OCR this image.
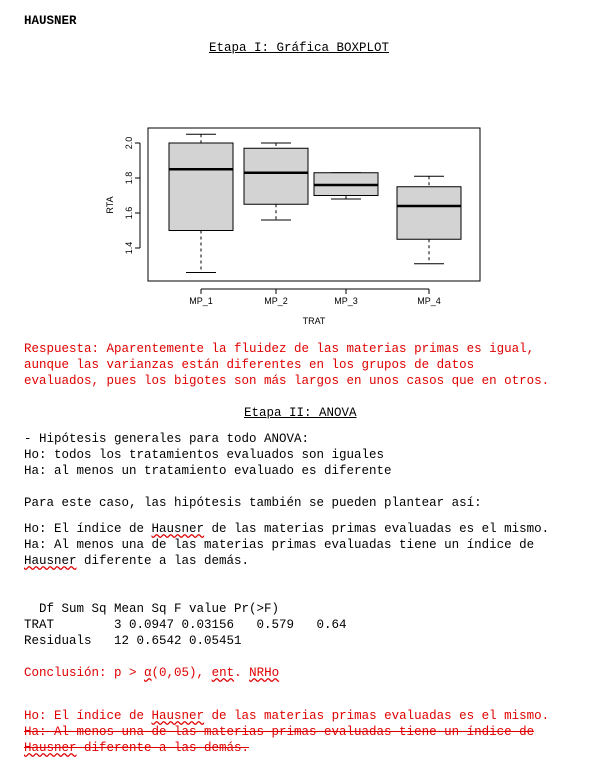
HAUSNER
Etapa I: Gráfica BOXPLOT
1.4
1.6
1.8
2.0
MP_1	MP_2	MP_3	MP_4
RTA
TRAT
Respuesta: Aparentemente la fluidez de las materias primas es igual,
aunque las varianzas están diferentes en los grupos de datos
evaluados, pues los bigotes son más largos en unos casos que en otros.
Etapa II: ANOVA
- Hipótesis generales para todo ANOVA:
Ho: todos los tratamientos evaluados son iguales
Ha: al menos un tratamiento evaluado es diferente
Para este caso, las hipótesis también se pueden plantear así:
Ho: El índice de Hausner de las materias primas evaluadas es el mismo.
Ha: Al menos una de las materias primas evaluadas tiene un índice de
Hausner diferente a las demás.
Df Sum Sq Mean Sq F value Pr(>F)
TRAT        3 0.0947 0.03156   0.579   0.64
Residuals   12 0.6542 0.05451
Conclusión: p > α(0,05), ent. NRHo
Ho: El índice de Hausner de las materias primas evaluadas es el mismo.
Ha: Al menos una de las materias primas evaluadas tiene un índice de
Hausner diferente a las demás.
